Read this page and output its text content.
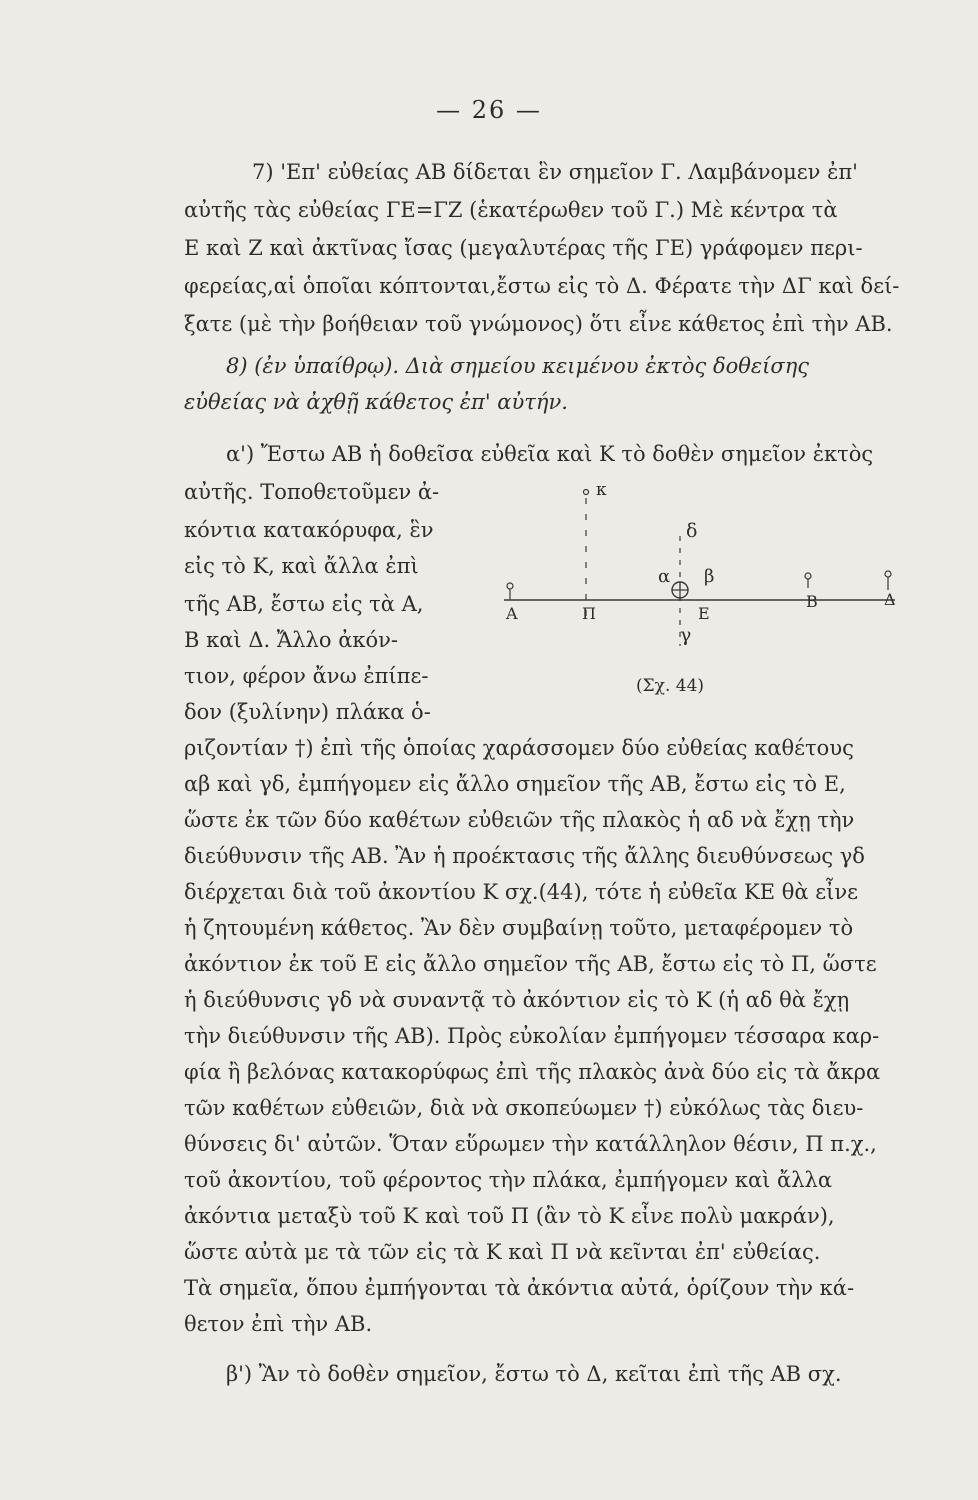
— 26 —
7) 'Επ' εὐθείας ΑΒ δίδεται ἓν σημεῖον Γ. Λαμβάνομεν ἐπ'
αὐτῆς τὰς εὐθείας ΓΕ=ΓΖ (ἑκατέρωθεν τοῦ Γ.) Μὲ κέντρα τὰ
Ε καὶ Ζ καὶ ἀκτῖνας ἴσας (μεγαλυτέρας τῆς ΓΕ) γράφομεν περι-
φερείας,αἱ ὁποῖαι κόπτονται,ἔστω εἰς τὸ Δ. Φέρατε τὴν ΔΓ καὶ δεί-
ξατε (μὲ τὴν βοήθειαν τοῦ γνώμονος) ὅτι εἶνε κάθετος ἐπὶ τὴν ΑΒ.
8) (ἐν ὑπαίθρῳ). Διὰ σημείου κειμένου ἐκτὸς δοθείσης
εὐθείας νὰ ἀχθῇ κάθετος ἐπ' αὐτήν.
α') Ἔστω ΑΒ ἡ δοθεῖσα εὐθεῖα καὶ Κ τὸ δοθὲν σημεῖον ἐκτὸς
αὐτῆς. Τοποθετοῦμεν ἀ-
κόντια κατακόρυφα, ἓν
εἰς τὸ Κ, καὶ ἄλλα ἐπὶ
τῆς ΑΒ, ἔστω εἰς τὰ Α,
Β καὶ Δ. Ἄλλο ἀκόν-
τιον, φέρον ἄνω ἐπίπε-
δον (ξυλίνην) πλάκα ὁ-
ριζοντίαν †) ἐπὶ τῆς ὁποίας χαράσσομεν δύο εὐθείας καθέτους
αβ καὶ γδ, ἐμπήγομεν εἰς ἄλλο σημεῖον τῆς ΑΒ, ἔστω εἰς τὸ Ε,
ὥστε ἐκ τῶν δύο καθέτων εὐθειῶν τῆς πλακὸς ἡ αδ νὰ ἔχῃ τὴν
διεύθυνσιν τῆς ΑΒ. Ἂν ἡ προέκτασις τῆς ἄλλης διευθύνσεως γδ
διέρχεται διὰ τοῦ ἀκοντίου Κ σχ.(44), τότε ἡ εὐθεῖα ΚΕ θὰ εἶνε
ἡ ζητουμένη κάθετος. Ἂν δὲν συμβαίνῃ τοῦτο, μεταφέρομεν τὸ
ἀκόντιον ἐκ τοῦ Ε εἰς ἄλλο σημεῖον τῆς ΑΒ, ἔστω εἰς τὸ Π, ὥστε
ἡ διεύθυνσις γδ νὰ συναντᾷ τὸ ἀκόντιον εἰς τὸ Κ (ἡ αδ θὰ ἔχῃ
τὴν διεύθυνσιν τῆς ΑΒ). Πρὸς εὐκολίαν ἐμπήγομεν τέσσαρα καρ-
φία ἢ βελόνας κατακορύφως ἐπὶ τῆς πλακὸς ἀνὰ δύο εἰς τὰ ἄκρα
τῶν καθέτων εὐθειῶν, διὰ νὰ σκοπεύωμεν †) εὐκόλως τὰς διευ-
θύνσεις δι' αὐτῶν. Ὅταν εὕρωμεν τὴν κατάλληλον θέσιν, Π π.χ.,
τοῦ ἀκοντίου, τοῦ φέροντος τὴν πλάκα, ἐμπήγομεν καὶ ἄλλα
ἀκόντια μεταξὺ τοῦ Κ καὶ τοῦ Π (ἂν τὸ Κ εἶνε πολὺ μακράν),
ὥστε αὐτὰ με τὰ τῶν εἰς τὰ Κ καὶ Π νὰ κεῖνται ἐπ' εὐθείας.
Τὰ σημεῖα, ὅπου ἐμπήγονται τὰ ἀκόντια αὐτά, ὁρίζουν τὴν κά-
θετον ἐπὶ τὴν ΑΒ.
β') Ἂν τὸ δοθὲν σημεῖον, ἔστω τὸ Δ, κεῖται ἐπὶ τῆς ΑΒ σχ.
κ
δ
α β
γ
Α	Π	Ε
Β	Δ
(Σχ. 44)
